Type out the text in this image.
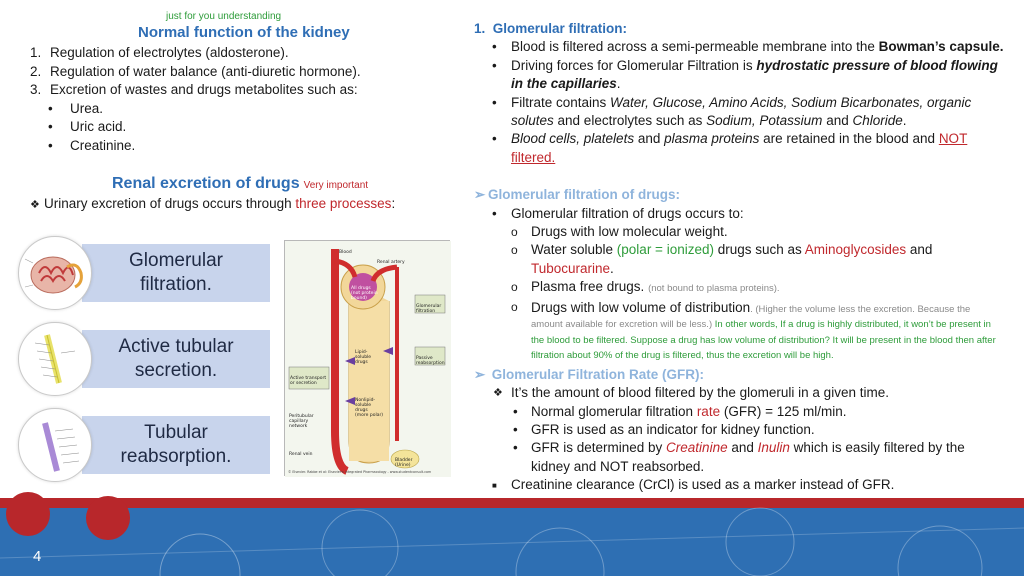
just for you understanding
Normal function of the kidney
1. Regulation of electrolytes (aldosterone).
2. Regulation of water balance (anti-diuretic hormone).
3. Excretion of wastes and drugs metabolites such as:
• Urea.
• Uric acid.
• Creatinine.
Renal excretion of drugs Very important
❖ Urinary excretion of drugs occurs through three processes:
Glomerular
filtration.
Active tubular
secretion.
Tubular
reabsorption.
Renal artery
Blood
Glomerular filtration
Passive reabsorption
Lipid-soluble drugs
Active transport or secretion
Peritubular capillary network
Nonlipid-soluble drugs (more polar)
Renal vein
Bladder (Urine)
All drugs (not protein bound)
© Elsevier. Rabbe et al: Elsevier's Integrated Pharmacology - www.studentconsult.com
1. Glomerular filtration:
• Blood is filtered across a semi-permeable membrane into the Bowman’s capsule.
• Driving forces for Glomerular Filtration is hydrostatic pressure of blood flowing in the capillaries.
• Filtrate contains Water, Glucose, Amino Acids, Sodium Bicarbonates, organic solutes and electrolytes such as Sodium, Potassium and Chloride.
• Blood cells, platelets and plasma proteins are retained in the blood and NOT filtered.
➢ Glomerular filtration of drugs:
• Glomerular filtration of drugs occurs to:
o Drugs with low molecular weight.
o Water soluble (polar = ionized) drugs such as Aminoglycosides and Tubocurarine.
o Plasma free drugs. (not bound to plasma proteins).
o Drugs with low volume of distribution. (Higher the volume less the excretion. Because the amount available for excretion will be less.) In other words, If a drug is highly distributed, it won’t be present in the blood to be filtered. Suppose a drug has low volume of distribution? It will be present in the blood then after filtration about 90% of the drug is filtered, thus the excretion will be high.
➢ Glomerular Filtration Rate (GFR):
❖ It’s the amount of blood filtered by the glomeruli in a given time.
• Normal glomerular filtration rate (GFR) = 125 ml/min.
• GFR is used as an indicator for kidney function.
• GFR is determined by Creatinine and Inulin which is easily filtered by the kidney and NOT reabsorbed.
■ Creatinine clearance (CrCl) is used as a marker instead of GFR.
4
